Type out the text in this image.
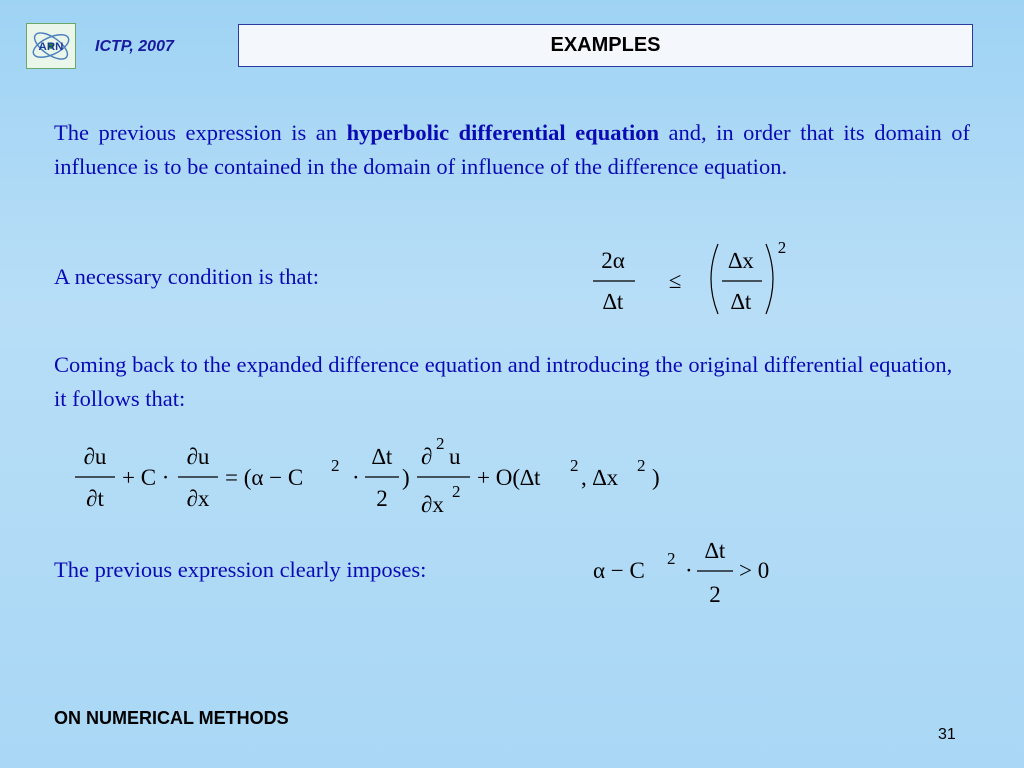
ARN ICTP, 2007	EXAMPLES
The previous expression is an hyperbolic differential equation and, in order that its domain of influence is to be contained in the domain of influence of the difference equation.
A necessary condition is that:
2α
∆t
≤
∆x
∆t
2
Coming back to the expanded difference equation and introducing the original differential equation, it follows that:
∂u
∂t
+ C ·
∂u
∂x
= (α − C 2 ·
∆t
2
)
∂
2
u
∂x
2
+ O(∆t 2 , ∆x 2 )
The previous expression clearly imposes:	α − C 2 ·
∆t
2
> 0
ON NUMERICAL METHODS
31
